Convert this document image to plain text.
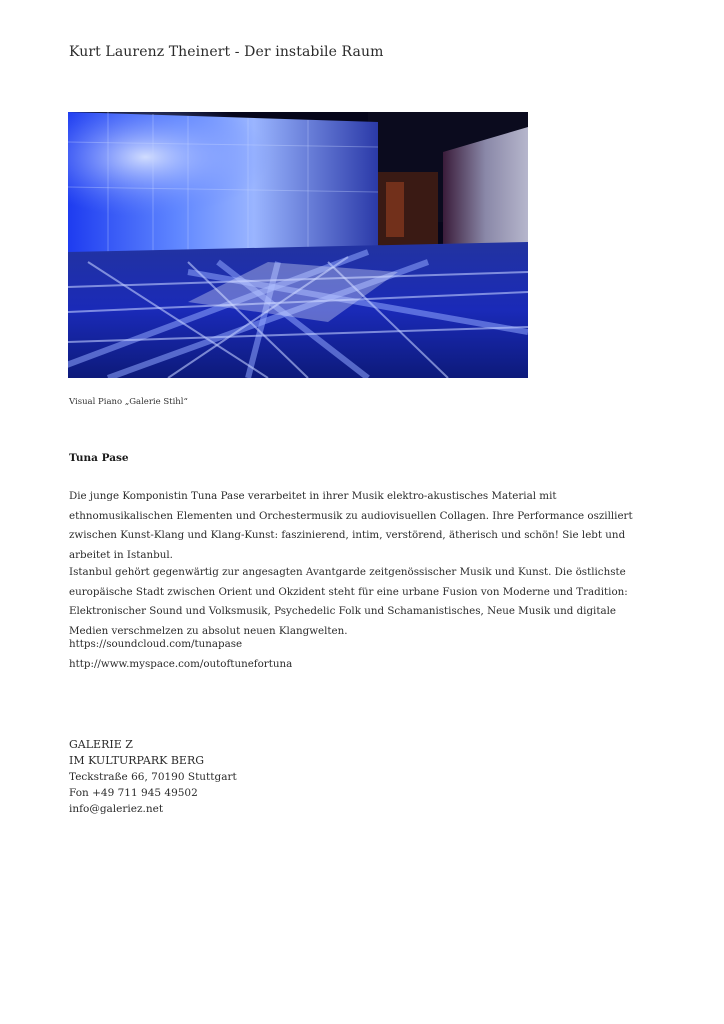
Kurt Laurenz Theinert - Der instabile Raum
Visual Piano „Galerie Stihl“
Tuna Pase

Die junge Komponistin Tuna Pase verarbeitet in ihrer Musik elektro-akustisches Material mit ethnomusikalischen Elementen und Orchestermusik zu audiovisuellen Collagen. Ihre Performance oszilliert zwischen Kunst-Klang und Klang-Kunst: faszinierend, intim, verstörend, ätherisch und schön! Sie lebt und arbeitet in Istanbul.

Istanbul gehört gegenwärtig zur angesagten Avantgarde zeitgenössischer Musik und Kunst. Die östlichste europäische Stadt zwischen Orient und Okzident steht für eine urbane Fusion von Moderne und Tradition: Elektronischer Sound und Volksmusik, Psychedelic Folk und Schamanistisches, Neue Musik und digitale Medien verschmelzen zu absolut neuen Klangwelten.

https://soundcloud.com/tunapase
http://www.myspace.com/outoftunefortuna
GALERIE Z
IM KULTURPARK BERG
Teckstraße 66, 70190 Stuttgart
Fon +49 711 945 49502
info@galeriez.net
